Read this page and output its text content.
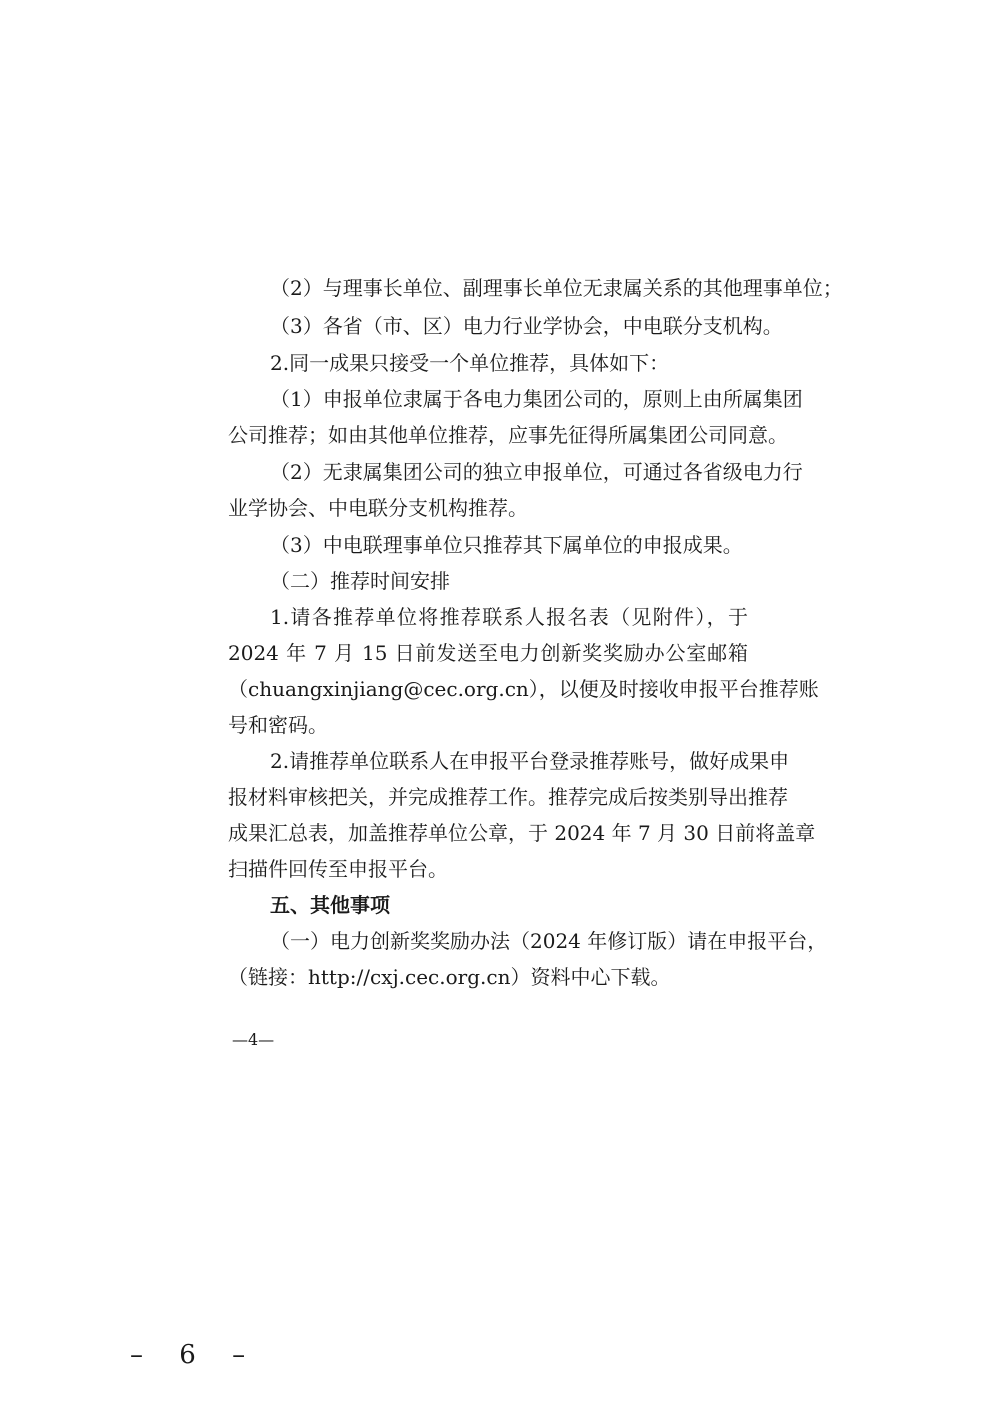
（2）与理事长单位、副理事长单位无隶属关系的其他理事单位；
（3）各省（市、区）电力行业学协会，中电联分支机构。
2.同一成果只接受一个单位推荐，具体如下：
（1）申报单位隶属于各电力集团公司的，原则上由所属集团
公司推荐；如由其他单位推荐，应事先征得所属集团公司同意。
（2）无隶属集团公司的独立申报单位，可通过各省级电力行
业学协会、中电联分支机构推荐。
（3）中电联理事单位只推荐其下属单位的申报成果。
（二）推荐时间安排
1.请各推荐单位将推荐联系人报名表（见附件），于
2024 年 7 月 15 日前发送至电力创新奖奖励办公室邮箱
（chuangxinjiang@cec.org.cn），以便及时接收申报平台推荐账
号和密码。
2.请推荐单位联系人在申报平台登录推荐账号，做好成果申
报材料审核把关，并完成推荐工作。推荐完成后按类别导出推荐
成果汇总表，加盖推荐单位公章，于 2024 年 7 月 30 日前将盖章
扫描件回传至申报平台。
五、其他事项
（一）电力创新奖奖励办法（2024 年修订版）请在申报平台，
（链接：http://cxj.cec.org.cn）资料中心下载。
—4—
– 6 –
